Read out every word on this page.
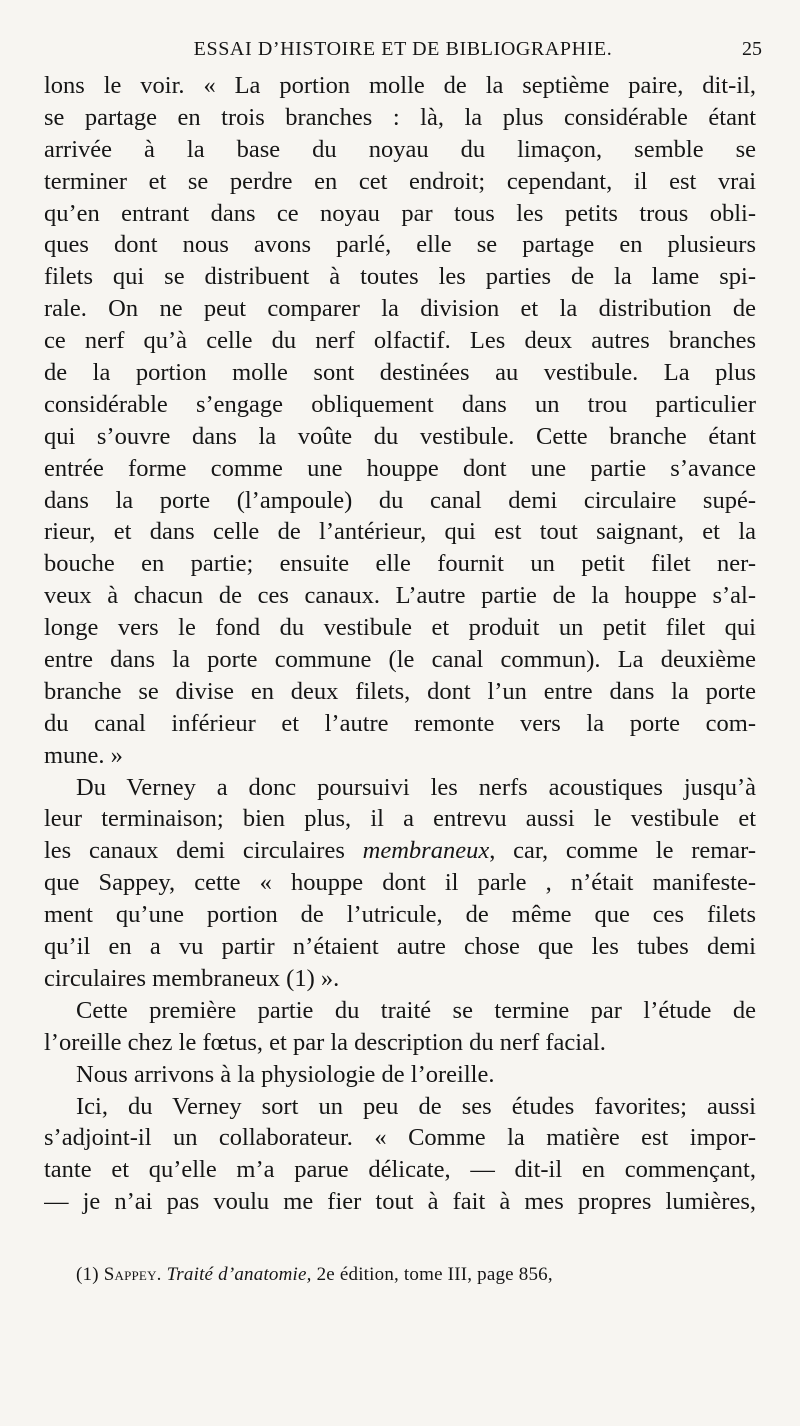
ESSAI D’HISTOIRE ET DE BIBLIOGRAPHIE.	25
lons le voir. « La portion molle de la septième paire, dit-il,
se partage en trois branches : là, la plus considérable étant
arrivée à la base du noyau du limaçon, semble se
terminer et se perdre en cet endroit; cependant, il est vrai
qu’en entrant dans ce noyau par tous les petits trous obli-
ques dont nous avons parlé, elle se partage en plusieurs
filets qui se distribuent à toutes les parties de la lame spi-
rale. On ne peut comparer la division et la distribution de
ce nerf qu’à celle du nerf olfactif. Les deux autres branches
de la portion molle sont destinées au vestibule. La plus
considérable s’engage obliquement dans un trou particulier
qui s’ouvre dans la voûte du vestibule. Cette branche étant
entrée forme comme une houppe dont une partie s’avance
dans la porte (l’ampoule) du canal demi circulaire supé-
rieur, et dans celle de l’antérieur, qui est tout saignant, et la
bouche en partie; ensuite elle fournit un petit filet ner-
veux à chacun de ces canaux. L’autre partie de la houppe s’al-
longe vers le fond du vestibule et produit un petit filet qui
entre dans la porte commune (le canal commun). La deuxième
branche se divise en deux filets, dont l’un entre dans la porte
du canal inférieur et l’autre remonte vers la porte com-
mune. »
Du Verney a donc poursuivi les nerfs acoustiques jusqu’à
leur terminaison; bien plus, il a entrevu aussi le vestibule et
les canaux demi circulaires membraneux, car, comme le remar-
que Sappey, cette « houppe dont il parle , n’était manifeste-
ment qu’une portion de l’utricule, de même que ces filets
qu’il en a vu partir n’étaient autre chose que les tubes demi
circulaires membraneux (1) ».
Cette première partie du traité se termine par l’étude de
l’oreille chez le fœtus, et par la description du nerf facial.
Nous arrivons à la physiologie de l’oreille.
Ici, du Verney sort un peu de ses études favorites; aussi
s’adjoint-il un collaborateur. « Comme la matière est impor-
tante et qu’elle m’a parue délicate, — dit-il en commençant,
— je n’ai pas voulu me fier tout à fait à mes propres lumières,
(1) Sappey. Traité d’anatomie, 2e édition, tome III, page 856,
